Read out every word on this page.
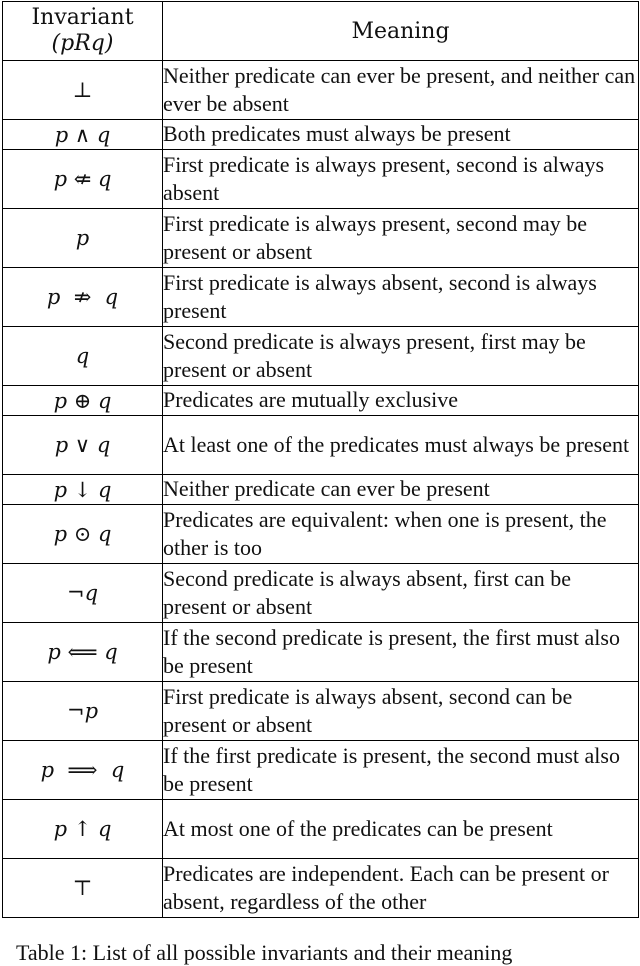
Invariant
(pRq)	Meaning
⊥	Neither predicate can ever be present, and neither can ever be absent
p ∧ q	Both predicates must always be present
p ⇍ q	First predicate is always present, second is always absent
p	First predicate is always present, second may be present or absent
p  ⇏  q	First predicate is always absent, second is always present
q	Second predicate is always present, first may be present or absent
p ⊕ q	Predicates are mutually exclusive
p ∨ q	At least one of the predicates must always be present
p ↓ q	Neither predicate can ever be present
p ⊙ q	Predicates are equivalent: when one is present, the other is too
¬q	Second predicate is always absent, first can be present or absent
p ⟸ q	If the second predicate is present, the first must also be present
¬p	First predicate is always absent, second can be present or absent
p  ⟹  q	If the first predicate is present, the second must also be present
p ↑ q	At most one of the predicates can be present
⊤	Predicates are independent. Each can be present or absent, regardless of the other
Table 1: List of all possible invariants and their meaning
